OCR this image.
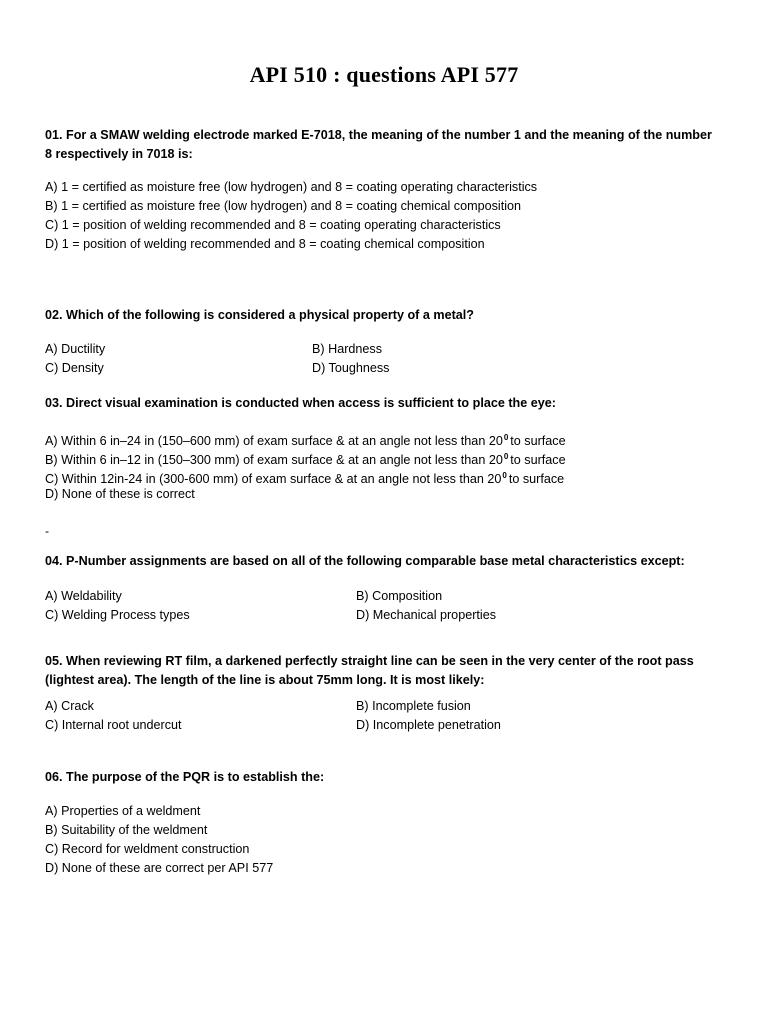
API 510 : questions API 577
01. For a SMAW welding electrode marked E-7018, the meaning of the number 1 and the meaning of the number 8 respectively in 7018 is:
A) 1 = certified as moisture free (low hydrogen) and 8 = coating operating characteristics
B) 1 = certified as moisture free (low hydrogen) and 8 = coating chemical composition
C) 1 = position of welding recommended and 8 = coating operating characteristics
D) 1 = position of welding recommended and 8 = coating chemical composition
02. Which of the following is considered a physical property of a metal?
A) Ductility	B) Hardness
C) Density	D) Toughness
03. Direct visual examination is conducted when access is sufficient to place the eye:
A) Within 6 in–24 in (150–600 mm) of exam surface & at an angle not less than $20^0$ to surface
B) Within 6 in–12 in (150–300 mm) of exam surface & at an angle not less than $20^0$ to surface
C) Within 12in-24 in (300-600 mm) of exam surface & at an angle not less than $20^0$ to surface
D) None of these is correct
-
04. P-Number assignments are based on all of the following comparable base metal characteristics except:
A) Weldability	B) Composition
C) Welding Process types	D) Mechanical properties
05. When reviewing RT film, a darkened perfectly straight line can be seen in the very center of the root pass (lightest area). The length of the line is about 75mm long. It is most likely:
A) Crack	B) Incomplete fusion
C) Internal root undercut	D) Incomplete penetration
06. The purpose of the PQR is to establish the:
A) Properties of a weldment
B) Suitability of the weldment
C) Record for weldment construction
D) None of these are correct per API 577
